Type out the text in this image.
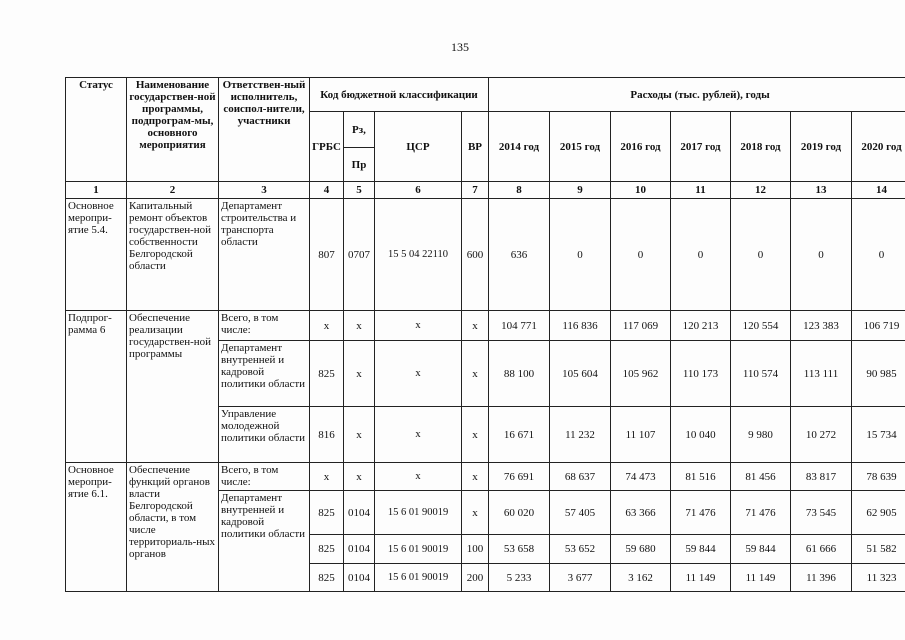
135
Статус	Наименование государствен-ной программы, подпрограм-мы, основного мероприятия	Ответствен-ный исполнитель, соиспол-нители, участники	Код бюджетной классификации				Расходы (тыс. рублей), годы						
			ГРБС	Рз,	ЦСР	ВР	2014 год	2015 год	2016 год	2017 год	2018 год	2019 год	2020 год
				Пр									
1	2	3	4	5	6	7	8	9	10	11	12	13	14
Основное меропри-ятие 5.4.	Капитальный ремонт объектов государствен-ной собственности Белгородской области	Департамент строительства и транспорта области	807	0707	15 5 04 22110	600	636	0	0	0	0	0	0
Подпрог-рамма 6	Обеспечение реализации государствен-ной программы	Всего, в том числе:	х	х	х	х	104 771	116 836	117 069	120 213	120 554	123 383	106 719
		Департамент внутренней и кадровой политики области	825	х	х	х	88 100	105 604	105 962	110 173	110 574	113 111	90 985
		Управление молодежной политики области	816	х	х	х	16 671	11 232	11 107	10 040	9 980	10 272	15 734
Основное меропри-ятие 6.1.	Обеспечение функций органов власти Белгородской области, в том числе территориаль-ных органов	Всего, в том числе:	х	х	х	х	76 691	68 637	74 473	81 516	81 456	83 817	78 639
		Департамент внутренней и кадровой политики области	825	0104	15 6 01 90019	х	60 020	57 405	63 366	71 476	71 476	73 545	62 905
			825	0104	15 6 01 90019	100	53 658	53 652	59 680	59 844	59 844	61 666	51 582
			825	0104	15 6 01 90019	200	5 233	3 677	3 162	11 149	11 149	11 396	11 323
